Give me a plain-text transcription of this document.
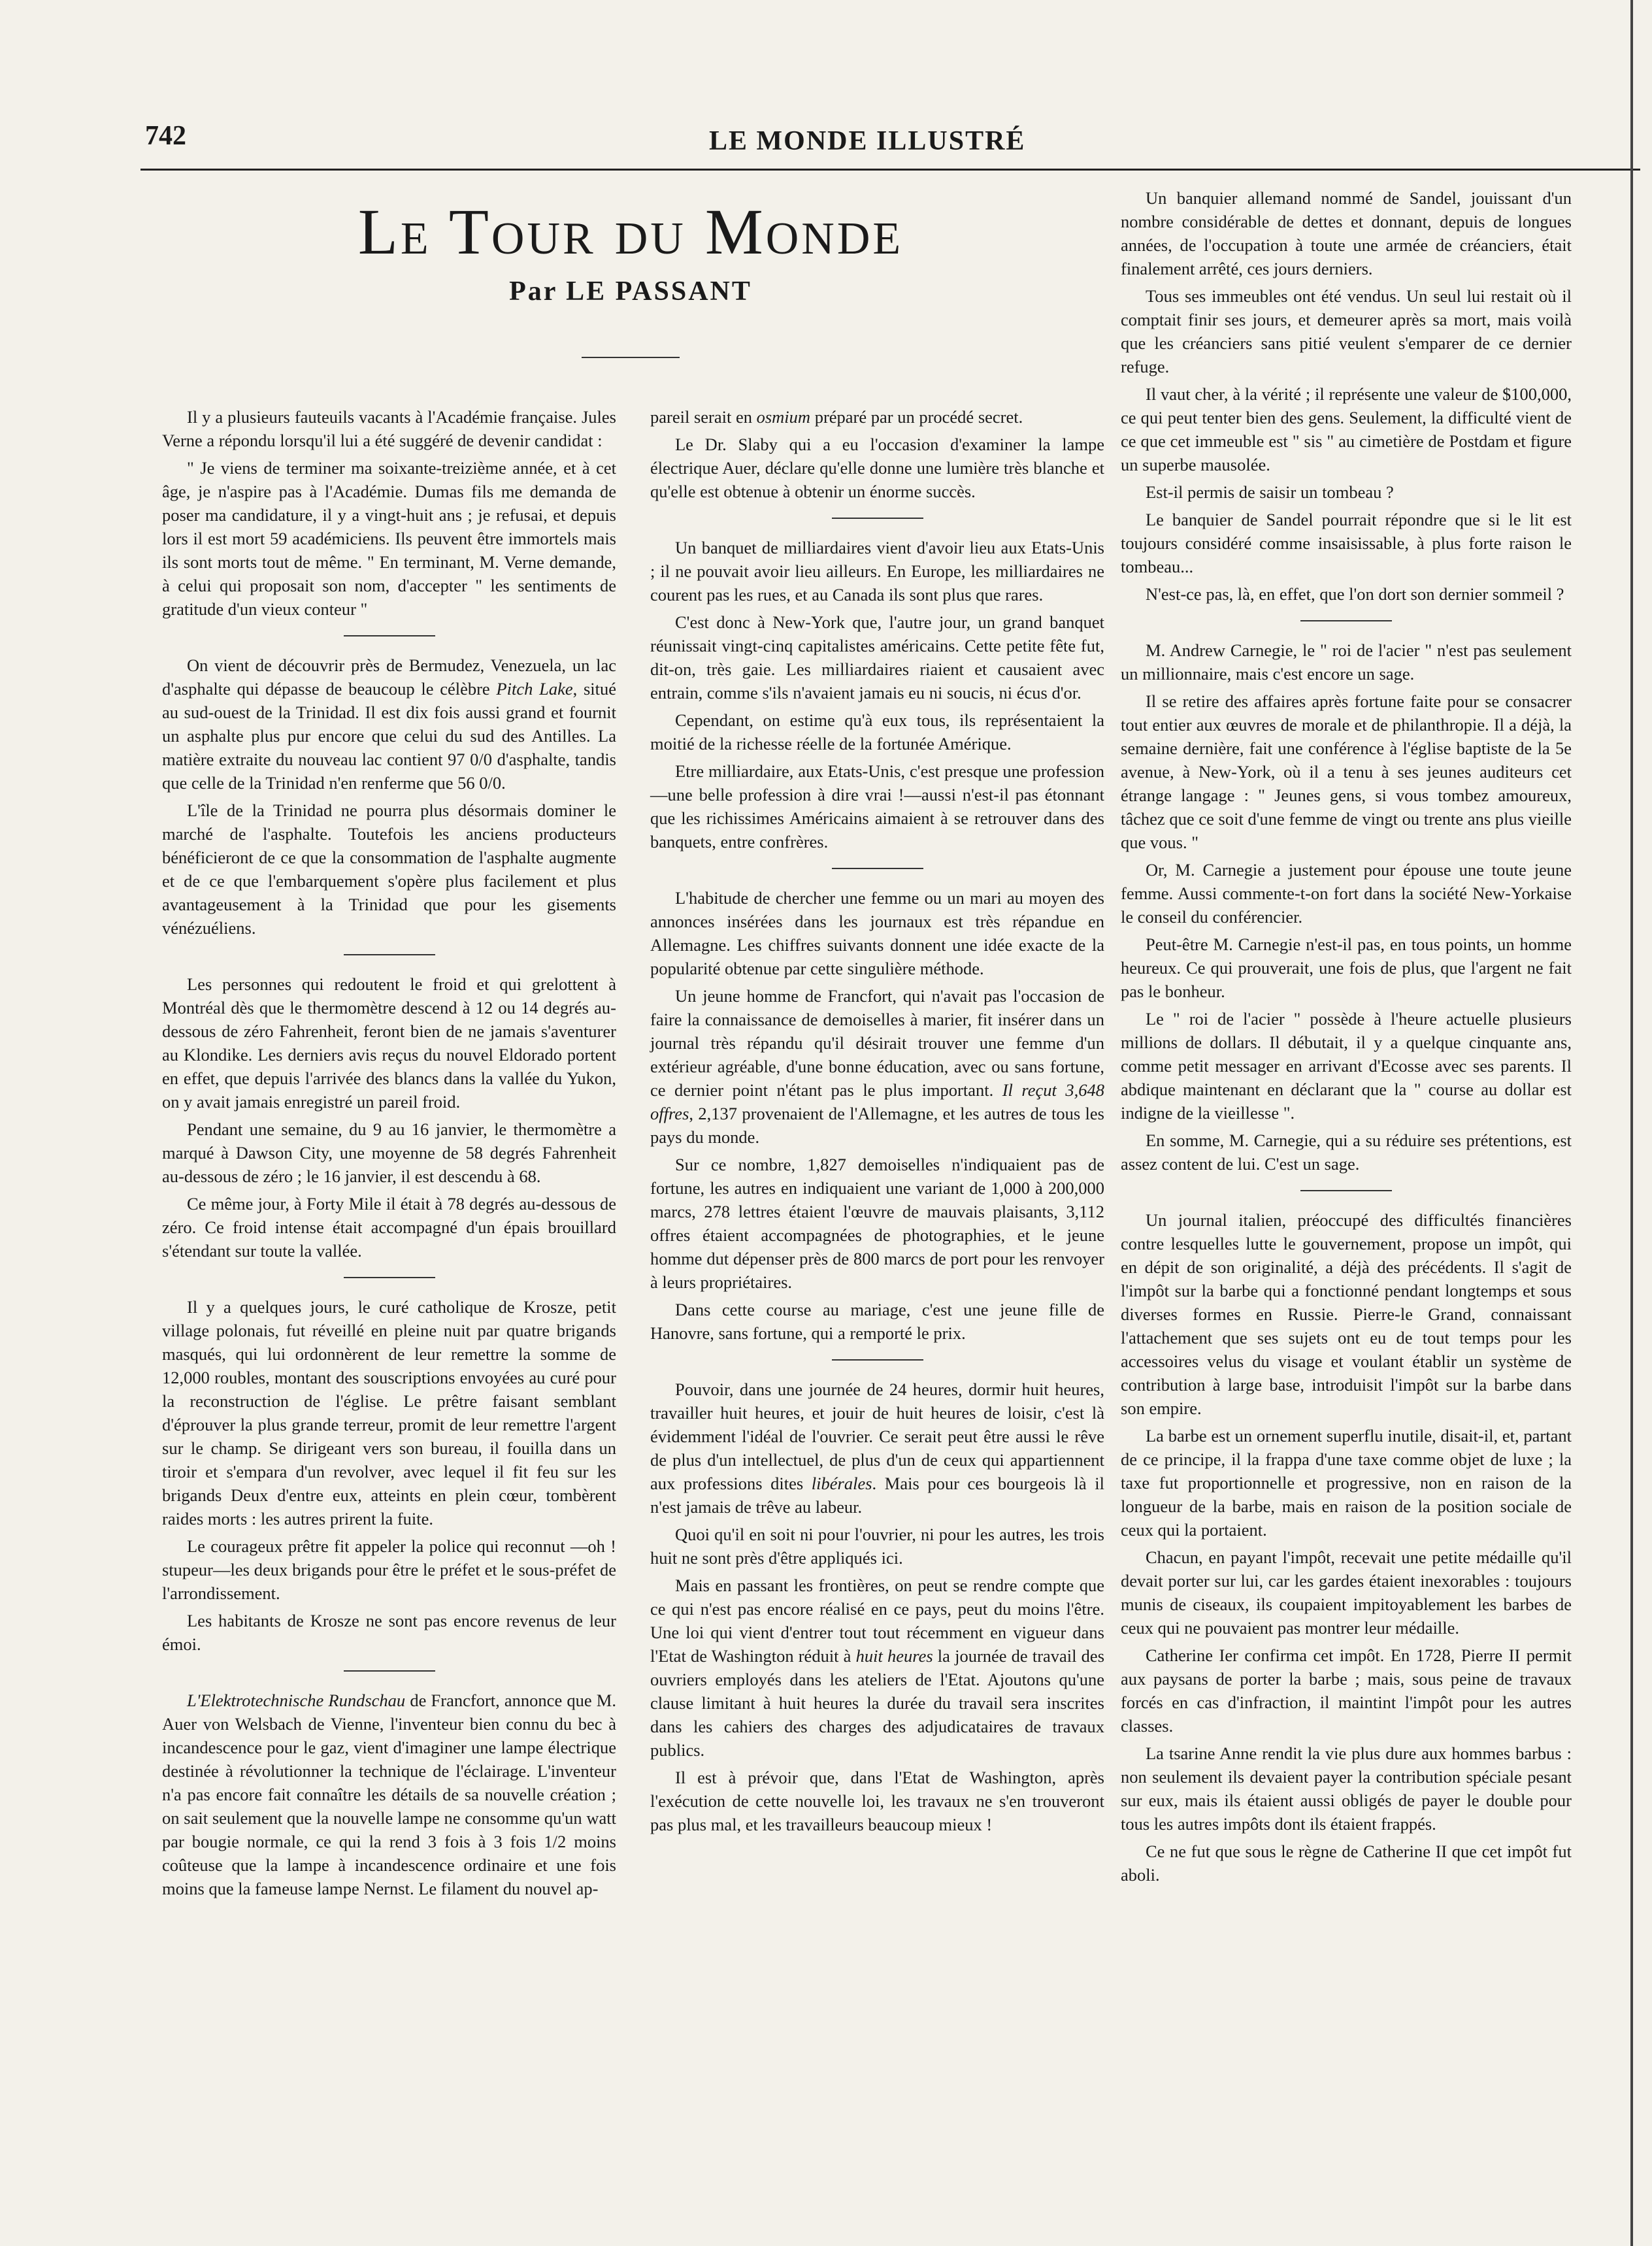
742	LE MONDE ILLUSTRÉ
Le Tour du Monde
Par LE PASSANT

Il y a plusieurs fauteuils vacants à l'Académie française. Jules Verne a répondu lorsqu'il lui a été suggéré de devenir candidat :

" Je viens de terminer ma soixante-treizième année, et à cet âge, je n'aspire pas à l'Académie. Dumas fils me demanda de poser ma candidature, il y a vingt-huit ans ; je refusai, et depuis lors il est mort 59 académiciens. Ils peuvent être immortels mais ils sont morts tout de même. " En terminant, M. Verne demande, à celui qui proposait son nom, d'accepter " les sentiments de gratitude d'un vieux conteur "

On vient de découvrir près de Bermudez, Venezuela, un lac d'asphalte qui dépasse de beaucoup le célèbre Pitch Lake, situé au sud-ouest de la Trinidad. Il est dix fois aussi grand et fournit un asphalte plus pur encore que celui du sud des Antilles. La matière extraite du nouveau lac contient 97 0/0 d'asphalte, tandis que celle de la Trinidad n'en renferme que 56 0/0.

L'île de la Trinidad ne pourra plus désormais dominer le marché de l'asphalte. Toutefois les anciens producteurs bénéficieront de ce que la consommation de l'asphalte augmente et de ce que l'embarquement s'opère plus facilement et plus avantageusement à la Trinidad que pour les gisements vénézuéliens.

Les personnes qui redoutent le froid et qui grelottent à Montréal dès que le thermomètre descend à 12 ou 14 degrés au-dessous de zéro Fahrenheit, feront bien de ne jamais s'aventurer au Klondike. Les derniers avis reçus du nouvel Eldorado portent en effet, que depuis l'arrivée des blancs dans la vallée du Yukon, on y avait jamais enregistré un pareil froid.

Pendant une semaine, du 9 au 16 janvier, le thermomètre a marqué à Dawson City, une moyenne de 58 degrés Fahrenheit au-dessous de zéro ; le 16 janvier, il est descendu à 68.

Ce même jour, à Forty Mile il était à 78 degrés au-dessous de zéro. Ce froid intense était accompagné d'un épais brouillard s'étendant sur toute la vallée.

Il y a quelques jours, le curé catholique de Krosze, petit village polonais, fut réveillé en pleine nuit par quatre brigands masqués, qui lui ordonnèrent de leur remettre la somme de 12,000 roubles, montant des souscriptions envoyées au curé pour la reconstruction de l'église. Le prêtre faisant semblant d'éprouver la plus grande terreur, promit de leur remettre l'argent sur le champ. Se dirigeant vers son bureau, il fouilla dans un tiroir et s'empara d'un revolver, avec lequel il fit feu sur les brigands Deux d'entre eux, atteints en plein cœur, tombèrent raides morts : les autres prirent la fuite.

Le courageux prêtre fit appeler la police qui reconnut —oh ! stupeur—les deux brigands pour être le préfet et le sous-préfet de l'arrondissement.

Les habitants de Krosze ne sont pas encore revenus de leur émoi.

L'Elektrotechnische Rundschau de Francfort, annonce que M. Auer von Welsbach de Vienne, l'inventeur bien connu du bec à incandescence pour le gaz, vient d'imaginer une lampe électrique destinée à révolutionner la technique de l'éclairage. L'inventeur n'a pas encore fait connaître les détails de sa nouvelle création ; on sait seulement que la nouvelle lampe ne consomme qu'un watt par bougie normale, ce qui la rend 3 fois à 3 fois 1/2 moins coûteuse que la lampe à incandescence ordinaire et une fois moins que la fameuse lampe Nernst. Le filament du nouvel ap-

pareil serait en osmium préparé par un procédé secret.

Le Dr. Slaby qui a eu l'occasion d'examiner la lampe électrique Auer, déclare qu'elle donne une lumière très blanche et qu'elle est obtenue à obtenir un énorme succès.

Un banquet de milliardaires vient d'avoir lieu aux Etats-Unis ; il ne pouvait avoir lieu ailleurs. En Europe, les milliardaires ne courent pas les rues, et au Canada ils sont plus que rares.

C'est donc à New-York que, l'autre jour, un grand banquet réunissait vingt-cinq capitalistes américains. Cette petite fête fut, dit-on, très gaie. Les milliardaires riaient et causaient avec entrain, comme s'ils n'avaient jamais eu ni soucis, ni écus d'or.

Cependant, on estime qu'à eux tous, ils représentaient la moitié de la richesse réelle de la fortunée Amérique.

Etre milliardaire, aux Etats-Unis, c'est presque une profession—une belle profession à dire vrai !—aussi n'est-il pas étonnant que les richissimes Américains aimaient à se retrouver dans des banquets, entre confrères.

L'habitude de chercher une femme ou un mari au moyen des annonces insérées dans les journaux est très répandue en Allemagne. Les chiffres suivants donnent une idée exacte de la popularité obtenue par cette singulière méthode.

Un jeune homme de Francfort, qui n'avait pas l'occasion de faire la connaissance de demoiselles à marier, fit insérer dans un journal très répandu qu'il désirait trouver une femme d'un extérieur agréable, d'une bonne éducation, avec ou sans fortune, ce dernier point n'étant pas le plus important. Il reçut 3,648 offres, 2,137 provenaient de l'Allemagne, et les autres de tous les pays du monde.

Sur ce nombre, 1,827 demoiselles n'indiquaient pas de fortune, les autres en indiquaient une variant de 1,000 à 200,000 marcs, 278 lettres étaient l'œuvre de mauvais plaisants, 3,112 offres étaient accompagnées de photographies, et le jeune homme dut dépenser près de 800 marcs de port pour les renvoyer à leurs propriétaires.

Dans cette course au mariage, c'est une jeune fille de Hanovre, sans fortune, qui a remporté le prix.

Pouvoir, dans une journée de 24 heures, dormir huit heures, travailler huit heures, et jouir de huit heures de loisir, c'est là évidemment l'idéal de l'ouvrier. Ce serait peut être aussi le rêve de plus d'un intellectuel, de plus d'un de ceux qui appartiennent aux professions dites libérales. Mais pour ces bourgeois là il n'est jamais de trêve au labeur.

Quoi qu'il en soit ni pour l'ouvrier, ni pour les autres, les trois huit ne sont près d'être appliqués ici.

Mais en passant les frontières, on peut se rendre compte que ce qui n'est pas encore réalisé en ce pays, peut du moins l'être. Une loi qui vient d'entrer tout tout récemment en vigueur dans l'Etat de Washington réduit à huit heures la journée de travail des ouvriers employés dans les ateliers de l'Etat. Ajoutons qu'une clause limitant à huit heures la durée du travail sera inscrites dans les cahiers des charges des adjudicataires de travaux publics.

Il est à prévoir que, dans l'Etat de Washington, après l'exécution de cette nouvelle loi, les travaux ne s'en trouveront pas plus mal, et les travailleurs beaucoup mieux !

Un banquier allemand nommé de Sandel, jouissant d'un nombre considérable de dettes et donnant, depuis de longues années, de l'occupation à toute une armée de créanciers, était finalement arrêté, ces jours derniers.

Tous ses immeubles ont été vendus. Un seul lui restait où il comptait finir ses jours, et demeurer après sa mort, mais voilà que les créanciers sans pitié veulent s'emparer de ce dernier refuge.

Il vaut cher, à la vérité ; il représente une valeur de $100,000, ce qui peut tenter bien des gens. Seulement, la difficulté vient de ce que cet immeuble est " sis " au cimetière de Postdam et figure un superbe mausolée.

Est-il permis de saisir un tombeau ?

Le banquier de Sandel pourrait répondre que si le lit est toujours considéré comme insaisissable, à plus forte raison le tombeau...

N'est-ce pas, là, en effet, que l'on dort son dernier sommeil ?

M. Andrew Carnegie, le " roi de l'acier " n'est pas seulement un millionnaire, mais c'est encore un sage.

Il se retire des affaires après fortune faite pour se consacrer tout entier aux œuvres de morale et de philanthropie. Il a déjà, la semaine dernière, fait une conférence à l'église baptiste de la 5e avenue, à New-York, où il a tenu à ses jeunes auditeurs cet étrange langage : " Jeunes gens, si vous tombez amoureux, tâchez que ce soit d'une femme de vingt ou trente ans plus vieille que vous. "

Or, M. Carnegie a justement pour épouse une toute jeune femme. Aussi commente-t-on fort dans la société New-Yorkaise le conseil du conférencier.

Peut-être M. Carnegie n'est-il pas, en tous points, un homme heureux. Ce qui prouverait, une fois de plus, que l'argent ne fait pas le bonheur.

Le " roi de l'acier " possède à l'heure actuelle plusieurs millions de dollars. Il débutait, il y a quelque cinquante ans, comme petit messager en arrivant d'Ecosse avec ses parents. Il abdique maintenant en déclarant que la " course au dollar est indigne de la vieillesse ".

En somme, M. Carnegie, qui a su réduire ses prétentions, est assez content de lui. C'est un sage.

Un journal italien, préoccupé des difficultés financières contre lesquelles lutte le gouvernement, propose un impôt, qui en dépit de son originalité, a déjà des précédents. Il s'agit de l'impôt sur la barbe qui a fonctionné pendant longtemps et sous diverses formes en Russie. Pierre-le Grand, connaissant l'attachement que ses sujets ont eu de tout temps pour les accessoires velus du visage et voulant établir un système de contribution à large base, introduisit l'impôt sur la barbe dans son empire.

La barbe est un ornement superflu inutile, disait-il, et, partant de ce principe, il la frappa d'une taxe comme objet de luxe ; la taxe fut proportionnelle et progressive, non en raison de la longueur de la barbe, mais en raison de la position sociale de ceux qui la portaient.

Chacun, en payant l'impôt, recevait une petite médaille qu'il devait porter sur lui, car les gardes étaient inexorables : toujours munis de ciseaux, ils coupaient impitoyablement les barbes de ceux qui ne pouvaient pas montrer leur médaille.

Catherine Ier confirma cet impôt. En 1728, Pierre II permit aux paysans de porter la barbe ; mais, sous peine de travaux forcés en cas d'infraction, il maintint l'impôt pour les autres classes.

La tsarine Anne rendit la vie plus dure aux hommes barbus : non seulement ils devaient payer la contribution spéciale pesant sur eux, mais ils étaient aussi obligés de payer le double pour tous les autres impôts dont ils étaient frappés.

Ce ne fut que sous le règne de Catherine II que cet impôt fut aboli.
